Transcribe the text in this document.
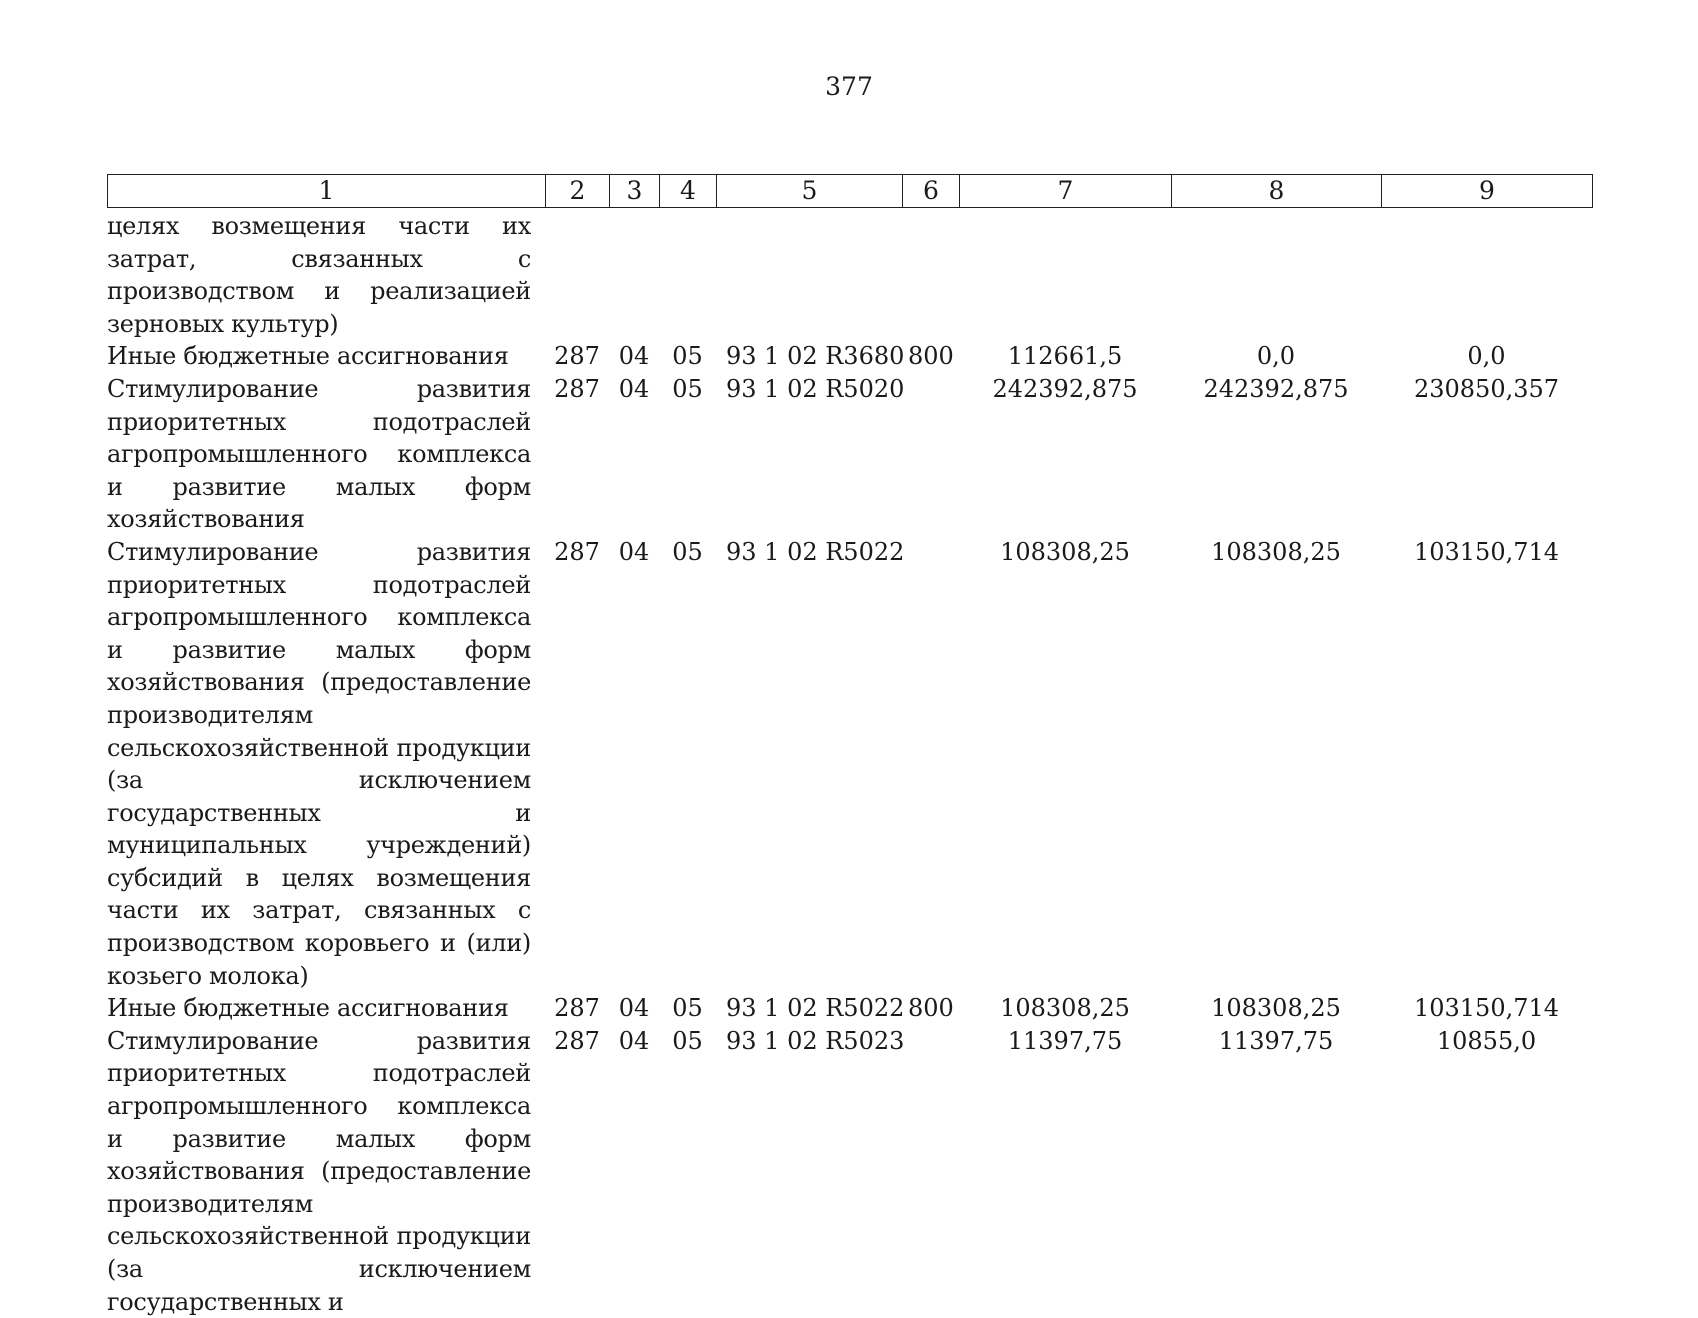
377
1	2	3	4	5	6	7	8	9
целях возмещения части их затрат, связанных с производством и реализацией зерновых культур)								
Иные бюджетные ассигнования	287	04	05	93 1 02 R3680	800	112661,5	0,0	0,0
Стимулирование развития приоритетных подотраслей агропромышленного комплекса и развитие малых форм хозяйствования	287	04	05	93 1 02 R5020		242392,875	242392,875	230850,357
Стимулирование развития приоритетных подотраслей агропромышленного комплекса и развитие малых форм хозяйствования (предоставление производителям сельскохозяйственной продукции (за исключением государственных и муниципальных учреждений) субсидий в целях возмещения части их затрат, связанных с производством коровьего и (или) козьего молока)	287	04	05	93 1 02 R5022		108308,25	108308,25	103150,714
Иные бюджетные ассигнования	287	04	05	93 1 02 R5022	800	108308,25	108308,25	103150,714
Стимулирование развития приоритетных подотраслей агропромышленного комплекса и развитие малых форм хозяйствования (предоставление производителям сельскохозяйственной продукции (за исключением государственных и	287	04	05	93 1 02 R5023		11397,75	11397,75	10855,0
